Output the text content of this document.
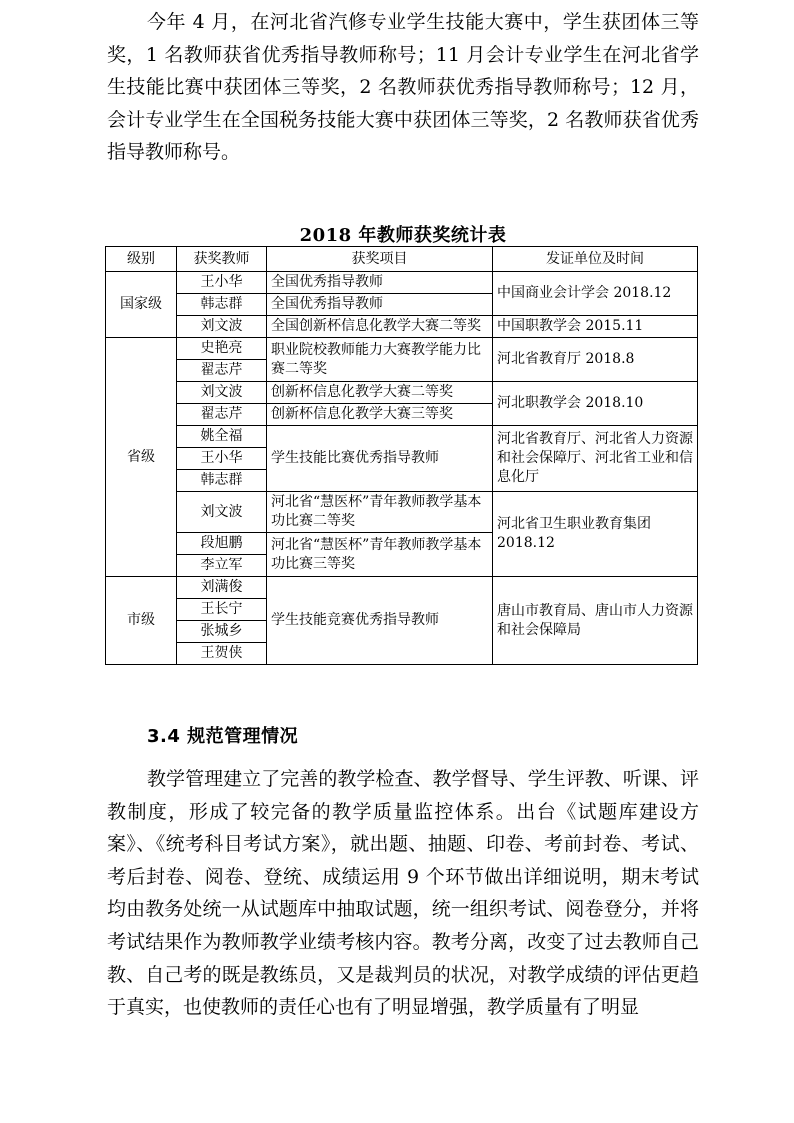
今年 4 月，在河北省汽修专业学生技能大赛中，学生获团体三等奖，1 名教师获省优秀指导教师称号；11 月会计专业学生在河北省学生技能比赛中获团体三等奖，2 名教师获优秀指导教师称号；12 月，会计专业学生在全国税务技能大赛中获团体三等奖，2 名教师获省优秀指导教师称号。

2018 年教师获奖统计表

级别	获奖教师	获奖项目	发证单位及时间
国家级	王小华	全国优秀指导教师	中国商业会计学会 2018.12
	韩志群	全国优秀指导教师	
	刘文波	全国创新杯信息化教学大赛二等奖	中国职教学会 2015.11
省级	史艳亮	职业院校教师能力大赛教学能力比赛二等奖	河北省教育厅 2018.8
	翟志芹		
	刘文波	创新杯信息化教学大赛二等奖	河北职教学会 2018.10
	翟志芹	创新杯信息化教学大赛三等奖	
	姚全福	学生技能比赛优秀指导教师	河北省教育厅、河北省人力资源和社会保障厅、河北省工业和信息化厅
	王小华		
	韩志群		
	刘文波	河北省“慧医杯”青年教师教学基本功比赛二等奖	河北省卫生职业教育集团 2018.12
	段旭鹏	河北省“慧医杯”青年教师教学基本功比赛三等奖	
	李立军		
市级	刘满俊	学生技能竞赛优秀指导教师	唐山市教育局、唐山市人力资源和社会保障局
	王长宁		
	张城乡		
	王贺侠		
3.4 规范管理情况

教学管理建立了完善的教学检查、教学督导、学生评教、听课、评教制度，形成了较完备的教学质量监控体系。出台《试题库建设方案》、《统考科目考试方案》，就出题、抽题、印卷、考前封卷、考试、考后封卷、阅卷、登统、成绩运用 9 个环节做出详细说明，期末考试均由教务处统一从试题库中抽取试题，统一组织考试、阅卷登分，并将考试结果作为教师教学业绩考核内容。教考分离，改变了过去教师自己教、自己考的既是教练员，又是裁判员的状况，对教学成绩的评估更趋于真实，也使教师的责任心也有了明显增强，教学质量有了明显
